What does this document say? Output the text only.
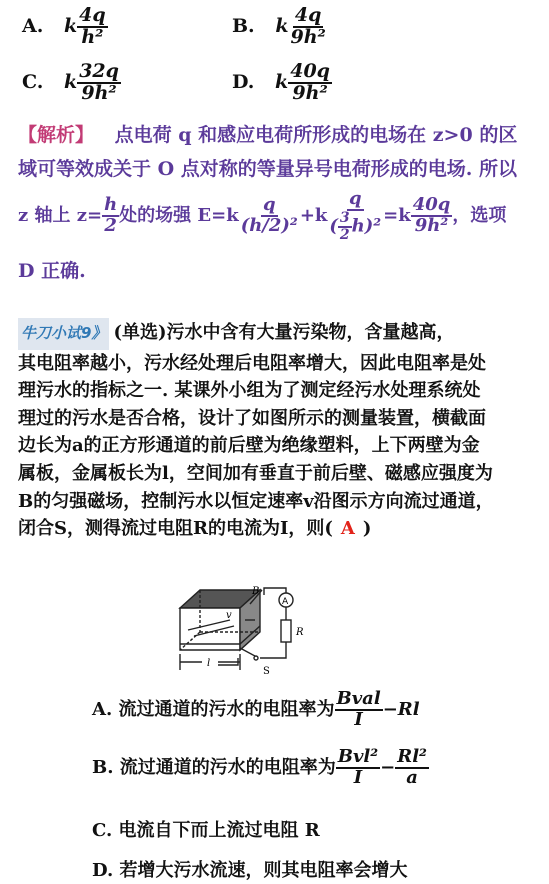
A. k $\frac{4q}{\text{h²}}$	B. k $\frac{4q}{\text{9h²}}$
C. k $\frac{32q}{\text{9h²}}$	D. k $\frac{40q}{\text{9h²}}$
【解析】 点电荷 q 和感应电荷所形成的电场在 z>0 的区
域可等效成关于 O 点对称的等量异号电荷形成的电场. 所以
z 轴上 $z= \frac{h}{2}$ 处的场强 $E=k \frac{q}{\text{(h/2)²}} +k \frac{q}{( \frac{3}{2} h)^2} =k \frac{40q}{\text{9h²}}$ ，选项
D 正确.
牛刀小试9》 (单选)污水中含有大量污染物，含量越高，
其电阻率越小，污水经处理后电阻率增大，因此电阻率是处
理污水的指标之一. 某课外小组为了测定经污水处理系统处
理过的污水是否合格，设计了如图所示的测量装置，横截面
边长为a的正方形通道的前后壁为绝缘塑料，上下两壁为金
属板，金属板长为l，空间加有垂直于前后壁、磁感应强度为
B的匀强磁场，控制污水以恒定速率v沿图示方向流过通道，
闭合S，测得流过电阻R的电流为I，则( A )
B
A
v
R
l
S
A. 流过通道的污水的电阻率为 $\frac{\text{Bval}}{I} -Rl$
B. 流过通道的污水的电阻率为 $\frac{\text{Bvl²}}{I} - \frac{\text{Rl²}}{a}$
C. 电流自下而上流过电阻 R
D. 若增大污水流速，则其电阻率会增大
